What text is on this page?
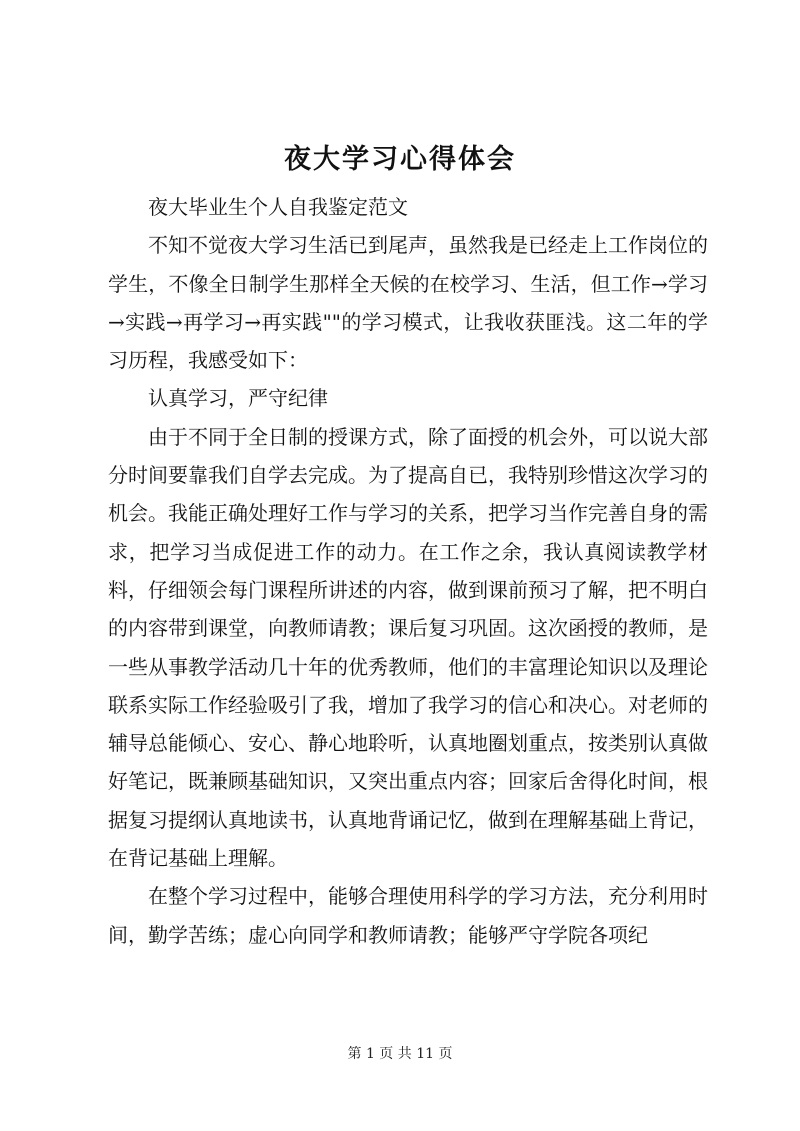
夜大学习心得体会

夜大毕业生个人自我鉴定范文

不知不觉夜大学习生活已到尾声，虽然我是已经走上工作岗位的学生，不像全日制学生那样全天候的在校学习、生活，但工作→学习→实践→再学习→再实践""的学习模式，让我收获匪浅。这二年的学习历程，我感受如下：

认真学习，严守纪律

由于不同于全日制的授课方式，除了面授的机会外，可以说大部分时间要靠我们自学去完成。为了提高自已，我特别珍惜这次学习的机会。我能正确处理好工作与学习的关系，把学习当作完善自身的需求，把学习当成促进工作的动力。在工作之余，我认真阅读教学材料，仔细领会每门课程所讲述的内容，做到课前预习了解，把不明白的内容带到课堂，向教师请教；课后复习巩固。这次函授的教师，是一些从事教学活动几十年的优秀教师，他们的丰富理论知识以及理论联系实际工作经验吸引了我，增加了我学习的信心和决心。对老师的辅导总能倾心、安心、静心地聆听，认真地圈划重点，按类别认真做好笔记，既兼顾基础知识，又突出重点内容；回家后舍得化时间，根据复习提纲认真地读书，认真地背诵记忆，做到在理解基础上背记，在背记基础上理解。

在整个学习过程中，能够合理使用科学的学习方法，充分利用时间，勤学苦练；虚心向同学和教师请教；能够严守学院各项纪

第 1 页 共 11 页
